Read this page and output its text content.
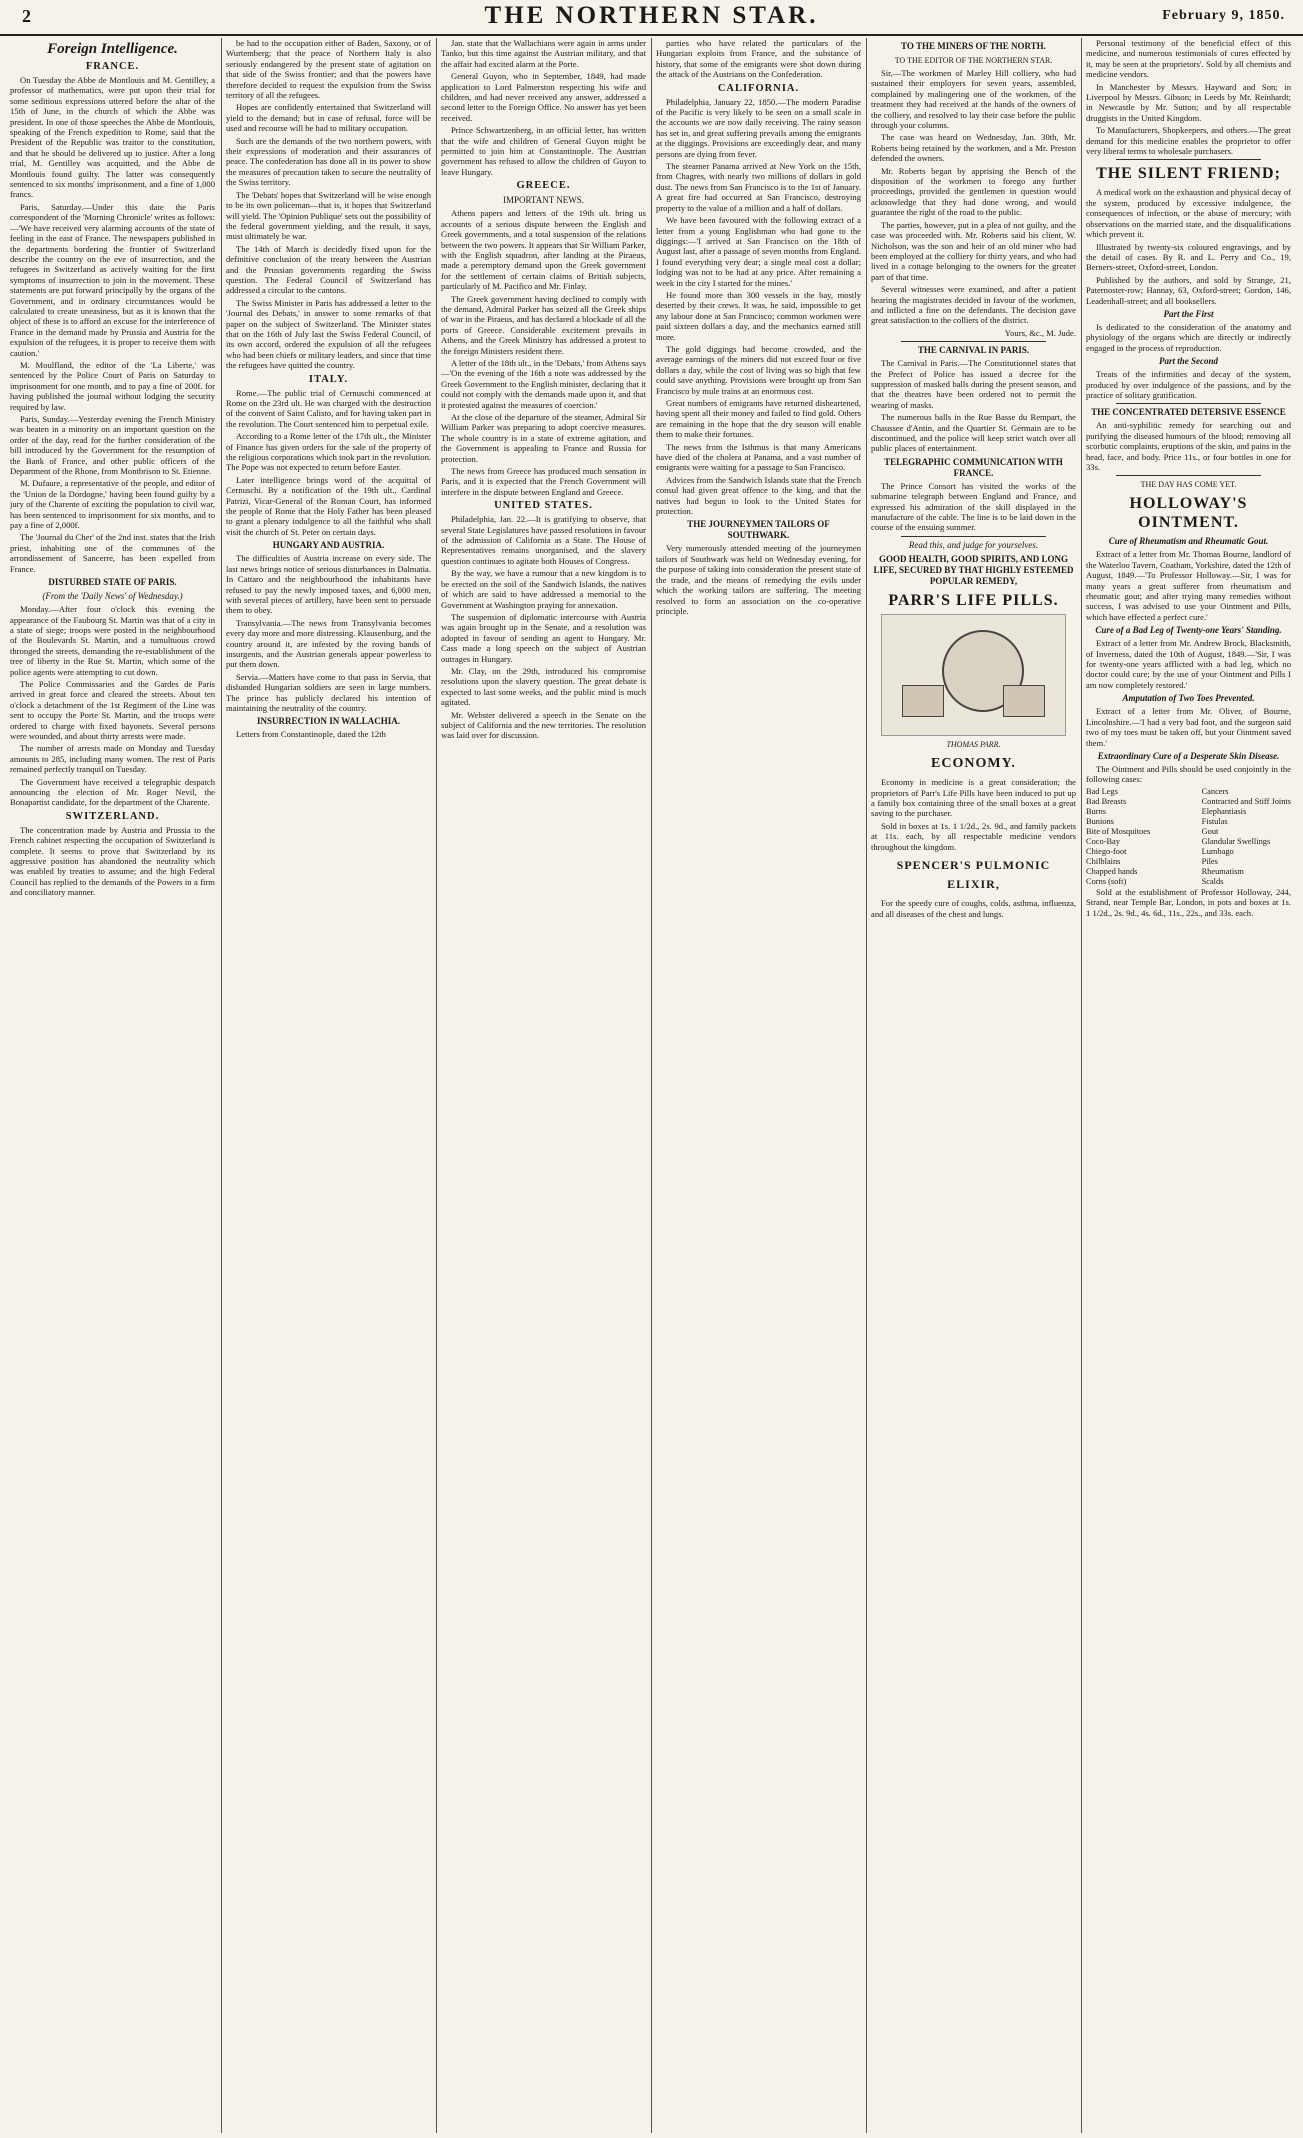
2	THE NORTHERN STAR.	February 9, 1850.
Foreign Intelligence.
FRANCE.

On Tuesday the Abbe de Montlouis and M. Gentilley, a professor of mathematics, were put upon their trial for some seditious expressions uttered before the altar of the 15th of June, in the church of which the Abbe was president. In one of those speeches the Abbe de Montlouis, speaking of the French expedition to Rome, said that the President of the Republic was traitor to the constitution, and that he should be delivered up to justice. After a long trial, M. Gentilley was acquitted, and the Abbe de Montlouis found guilty. The latter was consequently sentenced to six months' imprisonment, and a fine of 1,000 francs.

Paris, Saturday.—Under this date the Paris correspondent of the 'Morning Chronicle' writes as follows:—'We have received very alarming accounts of the state of feeling in the east of France. The newspapers published in the departments bordering the frontier of Switzerland describe the country on the eve of insurrection, and the refugees in Switzerland as actively waiting for the first symptoms of insurrection to join in the movement. These statements are put forward principally by the organs of the Government, and in ordinary circumstances would be calculated to create uneasiness, but as it is known that the object of these is to afford an excuse for the interference of France in the demand made by Prussia and Austria for the expulsion of the refugees, it is proper to receive them with caution.'

M. Moulfland, the editor of the 'La Liberte,' was sentenced by the Police Court of Paris on Saturday to imprisonment for one month, and to pay a fine of 200f. for having published the journal without lodging the security required by law.

Paris, Sunday.—Yesterday evening the French Ministry was beaten in a minority on an important question on the order of the day, read for the further consideration of the bill introduced by the Government for the resumption of the Bank of France, and other public officers of the Department of the Rhone, from Montbrison to St. Etienne.

M. Dufaure, a representative of the people, and editor of the 'Union de la Dordogne,' having been found guilty by a jury of the Charente of exciting the population to civil war, has been sentenced to imprisonment for six months, and to pay a fine of 2,000f.

The 'Journal du Cher' of the 2nd inst. states that the Irish priest, inhabiting one of the communes of the arrondissement of Sancerre, has been expelled from France.

DISTURBED STATE OF PARIS.
(From the 'Daily News' of Wednesday.)

Monday.—After four o'clock this evening the appearance of the Faubourg St. Martin was that of a city in a state of siege; troops were posted in the neighbourhood of the Boulevards St. Martin, and a tumultuous crowd thronged the streets, demanding the re-establishment of the tree of liberty in the Rue St. Martin, which some of the police agents were attempting to cut down.

The Police Commissaries and the Gardes de Paris arrived in great force and cleared the streets. About ten o'clock a detachment of the 1st Regiment of the Line was sent to occupy the Porte St. Martin, and the troops were ordered to charge with fixed bayonets. Several persons were wounded, and about thirty arrests were made.

The number of arrests made on Monday and Tuesday amounts to 285, including many women. The rest of Paris remained perfectly tranquil on Tuesday.

The Government have received a telegraphic despatch announcing the election of Mr. Roger Nevil, the Bonapartist candidate, for the department of the Charente.

SWITZERLAND.

The concentration made by Austria and Prussia to the French cabinet respecting the occupation of Switzerland is complete. It seems to prove that Switzerland by its aggressive position has abandoned the neutrality which was enabled by treaties to assume; and the high Federal Council has replied to the demands of the Powers in a firm and conciliatory manner.

be had to the occupation either of Baden, Saxony, or of Wurtemberg; that the peace of Northern Italy is also seriously endangered by the present state of agitation on that side of the Swiss frontier; and that the powers have therefore decided to request the expulsion from the Swiss territory of all the refugees.

Hopes are confidently entertained that Switzerland will yield to the demand; but in case of refusal, force will be used and recourse will be had to military occupation.

Such are the demands of the two northern powers, with their expressions of moderation and their assurances of peace. The confederation has done all in its power to show the measures of precaution taken to secure the neutrality of the Swiss territory.

The 'Debats' hopes that Switzerland will be wise enough to be its own policeman—that is, it hopes that Switzerland will yield. The 'Opinion Publique' sets out the possibility of the federal government yielding, and the result, it says, must ultimately be war.

The 14th of March is decidedly fixed upon for the definitive conclusion of the treaty between the Austrian and the Prussian governments regarding the Swiss question. The Federal Council of Switzerland has addressed a circular to the cantons.

The Swiss Minister in Paris has addressed a letter to the 'Journal des Debats,' in answer to some remarks of that paper on the subject of Switzerland. The Minister states that on the 16th of July last the Swiss Federal Council, of its own accord, ordered the expulsion of all the refugees who had been chiefs or military leaders, and since that time the refugees have quitted the country.

ITALY.

Rome.—The public trial of Cernuschi commenced at Rome on the 23rd ult. He was charged with the destruction of the convent of Saint Calisto, and for having taken part in the revolution. The Court sentenced him to perpetual exile.

According to a Rome letter of the 17th ult., the Minister of Finance has given orders for the sale of the property of the religious corporations which took part in the revolution. The Pope was not expected to return before Easter.

Later intelligence brings word of the acquittal of Cernuschi. By a notification of the 19th ult., Cardinal Patrizi, Vicar-General of the Roman Court, has informed the people of Rome that the Holy Father has been pleased to grant a plenary indulgence to all the faithful who shall visit the church of St. Peter on certain days.

HUNGARY AND AUSTRIA.

The difficulties of Austria increase on every side. The last news brings notice of serious disturbances in Dalmatia. In Cattaro and the neighbourhood the inhabitants have refused to pay the newly imposed taxes, and 6,000 men, with several pieces of artillery, have been sent to persuade them to obey.

Transylvania.—The news from Transylvania becomes every day more and more distressing. Klausenburg, and the country around it, are infested by the roving bands of insurgents, and the Austrian generals appear powerless to put them down.

Servia.—Matters have come to that pass in Servia, that disbanded Hungarian soldiers are seen in large numbers. The prince has publicly declared his intention of maintaining the neutrality of the country.

INSURRECTION IN WALLACHIA.

Letters from Constantinople, dated the 12th

Jan. state that the Wallachians were again in arms under Tanko, but this time against the Austrian military, and that the affair had excited alarm at the Porte.

General Guyon, who in September, 1849, had made application to Lord Palmerston respecting his wife and children, and had never received any answer, addressed a second letter to the Foreign Office. No answer has yet been received.

Prince Schwartzenberg, in an official letter, has written that the wife and children of General Guyon might be permitted to join him at Constantinople. The Austrian government has refused to allow the children of Guyon to leave Hungary.

GREECE.
IMPORTANT NEWS.

Athens papers and letters of the 19th ult. bring us accounts of a serious dispute between the English and Greek governments, and a total suspension of the relations between the two powers. It appears that Sir William Parker, with the English squadron, after landing at the Piraeus, made a peremptory demand upon the Greek government for the settlement of certain claims of British subjects, particularly of M. Pacifico and Mr. Finlay.

The Greek government having declined to comply with the demand, Admiral Parker has seized all the Greek ships of war in the Piraeus, and has declared a blockade of all the ports of Greece. Considerable excitement prevails in Athens, and the Greek Ministry has addressed a protest to the foreign Ministers resident there.

A letter of the 18th ult., in the 'Debats,' from Athens says—'On the evening of the 16th a note was addressed by the Greek Government to the English minister, declaring that it could not comply with the demands made upon it, and that it protested against the measures of coercion.'

At the close of the departure of the steamer, Admiral Sir William Parker was preparing to adopt coercive measures. The whole country is in a state of extreme agitation, and the Government is appealing to France and Russia for protection.

The news from Greece has produced much sensation in Paris, and it is expected that the French Government will interfere in the dispute between England and Greece.

UNITED STATES.

Philadelphia, Jan. 22.—It is gratifying to observe, that several State Legislatures have passed resolutions in favour of the admission of California as a State. The House of Representatives remains unorganised, and the slavery question continues to agitate both Houses of Congress.

By the way, we have a rumour that a new kingdom is to be erected on the soil of the Sandwich Islands, the natives of which are said to have addressed a memorial to the Government at Washington praying for annexation.

The suspension of diplomatic intercourse with Austria was again brought up in the Senate, and a resolution was adopted in favour of sending an agent to Hungary. Mr. Cass made a long speech on the subject of Austrian outrages in Hungary.

Mr. Clay, on the 29th, introduced his compromise resolutions upon the slavery question. The great debate is expected to last some weeks, and the public mind is much agitated.

Mr. Webster delivered a speech in the Senate on the subject of California and the new territories. The resolution was laid over for discussion.

parties who have related the particulars of the Hungarian exploits from France, and the substance of history, that some of the emigrants were shot down during the attack of the Austrians on the Confederation.

CALIFORNIA.

Philadelphia, January 22, 1850.—The modern Paradise of the Pacific is very likely to be seen on a small scale in the accounts we are now daily receiving. The rainy season has set in, and great suffering prevails among the emigrants at the diggings. Provisions are exceedingly dear, and many persons are dying from fever.

The steamer Panama arrived at New York on the 15th, from Chagres, with nearly two millions of dollars in gold dust. The news from San Francisco is to the 1st of January. A great fire had occurred at San Francisco, destroying property to the value of a million and a half of dollars.

We have been favoured with the following extract of a letter from a young Englishman who had gone to the diggings:—'I arrived at San Francisco on the 18th of August last, after a passage of seven months from England. I found everything very dear; a single meal cost a dollar; lodging was not to be had at any price. After remaining a week in the city I started for the mines.'

He found more than 300 vessels in the bay, mostly deserted by their crews. It was, he said, impossible to get any labour done at San Francisco; common workmen were paid sixteen dollars a day, and the mechanics earned still more.

The gold diggings had become crowded, and the average earnings of the miners did not exceed four or five dollars a day, while the cost of living was so high that few could save anything. Provisions were brought up from San Francisco by mule trains at an enormous cost.

Great numbers of emigrants have returned disheartened, having spent all their money and failed to find gold. Others are remaining in the hope that the dry season will enable them to make their fortunes.

The news from the Isthmus is that many Americans have died of the cholera at Panama, and a vast number of emigrants were waiting for a passage to San Francisco.

Advices from the Sandwich Islands state that the French consul had given great offence to the king, and that the natives had begun to look to the United States for protection.

THE JOURNEYMEN TAILORS OF SOUTHWARK.

Very numerously attended meeting of the journeymen tailors of Southwark was held on Wednesday evening, for the purpose of taking into consideration the present state of the trade, and the means of remedying the evils under which the working tailors are suffering. The meeting resolved to form an association on the co-operative principle.

TO THE MINERS OF THE NORTH.
TO THE EDITOR OF THE NORTHERN STAR.

Sir,—The workmen of Marley Hill colliery, who had sustained their employers for seven years, assembled, complained by malingering one of the workmen, of the treatment they had received at the hands of the owners of the colliery, and resolved to lay their case before the public through your columns.

The case was heard on Wednesday, Jan. 30th, Mr. Roberts being retained by the workmen, and a Mr. Preston defended the owners.

Mr. Roberts began by apprising the Bench of the disposition of the workmen to forego any further proceedings, provided the gentlemen in question would acknowledge that they had done wrong, and would guarantee the right of the road to the public.

The parties, however, put in a plea of not guilty, and the case was proceeded with. Mr. Roberts said his client, W. Nicholson, was the son and heir of an old miner who had been employed at the colliery for thirty years, and who had lived in a cottage belonging to the owners for the greater part of that time.

Several witnesses were examined, and after a patient hearing the magistrates decided in favour of the workmen, and inflicted a fine on the defendants. The decision gave great satisfaction to the colliers of the district.

Yours, &c., M. Jude.

THE CARNIVAL IN PARIS.

The Carnival in Paris.—The Constitutionnel states that the Prefect of Police has issued a decree for the suppression of masked balls during the present season, and that the theatres have been ordered not to permit the wearing of masks.

The numerous balls in the Rue Basse du Rempart, the Chaussee d'Antin, and the Quartier St. Germain are to be discontinued, and the police will keep strict watch over all public places of entertainment.

TELEGRAPHIC COMMUNICATION WITH FRANCE.

The Prince Consort has visited the works of the submarine telegraph between England and France, and expressed his admiration of the skill displayed in the manufacture of the cable. The line is to be laid down in the course of the ensuing summer.

Read this, and judge for yourselves.
GOOD HEALTH, GOOD SPIRITS, AND LONG LIFE, SECURED BY THAT HIGHLY ESTEEMED POPULAR REMEDY,
PARR'S LIFE PILLS.
THOMAS PARR.
ECONOMY.

Economy in medicine is a great consideration; the proprietors of Parr's Life Pills have been induced to put up a family box containing three of the small boxes at a great saving to the purchaser.

Sold in boxes at 1s. 1 1/2d., 2s. 9d., and family packets at 11s. each, by all respectable medicine vendors throughout the kingdom.

SPENCER'S PULMONIC ELIXIR,

For the speedy cure of coughs, colds, asthma, influenza, and all diseases of the chest and lungs.

Personal testimony of the beneficial effect of this medicine, and numerous testimonials of cures effected by it, may be seen at the proprietors'. Sold by all chemists and medicine vendors.

In Manchester by Messrs. Hayward and Son; in Liverpool by Messrs. Gibson; in Leeds by Mr. Reinhardt; in Newcastle by Mr. Sutton; and by all respectable druggists in the United Kingdom.

To Manufacturers, Shopkeepers, and others.—The great demand for this medicine enables the proprietor to offer very liberal terms to wholesale purchasers.

THE SILENT FRIEND;

A medical work on the exhaustion and physical decay of the system, produced by excessive indulgence, the consequences of infection, or the abuse of mercury; with observations on the married state, and the disqualifications which prevent it.

Illustrated by twenty-six coloured engravings, and by the detail of cases. By R. and L. Perry and Co., 19, Berners-street, Oxford-street, London.

Published by the authors, and sold by Strange, 21, Paternoster-row; Hannay, 63, Oxford-street; Gordon, 146, Leadenhall-street; and all booksellers.

Part the First

Is dedicated to the consideration of the anatomy and physiology of the organs which are directly or indirectly engaged in the process of reproduction.

Part the Second

Treats of the infirmities and decay of the system, produced by over indulgence of the passions, and by the practice of solitary gratification.

THE CONCENTRATED DETERSIVE ESSENCE

An anti-syphilitic remedy for searching out and purifying the diseased humours of the blood; removing all scorbutic complaints, eruptions of the skin, and pains in the head, face, and body. Price 11s., or four bottles in one for 33s.

THE DAY HAS COME YET.
HOLLOWAY'S OINTMENT.
Cure of Rheumatism and Rheumatic Gout.

Extract of a letter from Mr. Thomas Bourne, landlord of the Waterloo Tavern, Coatham, Yorkshire, dated the 12th of August, 1849.—'To Professor Holloway.—Sir, I was for many years a great sufferer from rheumatism and rheumatic gout; and after trying many remedies without success, I was advised to use your Ointment and Pills, which have effected a perfect cure.'

Cure of a Bad Leg of Twenty-one Years' Standing.

Extract of a letter from Mr. Andrew Brock, Blacksmith, of Inverness, dated the 10th of August, 1849.—'Sir, I was for twenty-one years afflicted with a bad leg, which no doctor could cure; by the use of your Ointment and Pills I am now completely restored.'

Amputation of Two Toes Prevented.

Extract of a letter from Mr. Oliver, of Bourne, Lincolnshire.—'I had a very bad foot, and the surgeon said two of my toes must be taken off, but your Ointment saved them.'

Extraordinary Cure of a Desperate Skin Disease.

The Ointment and Pills should be used conjointly in the following cases:

Bad Legs
Bad Breasts
Burns
Bunions
Bite of Mosquitoes
Coco-Bay
Chiego-foot
Chilblains
Chapped hands
Corns (soft)
Cancers
Contracted and Stiff Joints
Elephantiasis
Fistulas
Gout
Glandular Swellings
Lumbago
Piles
Rheumatism
Scalds

Sold at the establishment of Professor Holloway, 244, Strand, near Temple Bar, London, in pots and boxes at 1s. 1 1/2d., 2s. 9d., 4s. 6d., 11s., 22s., and 33s. each.
